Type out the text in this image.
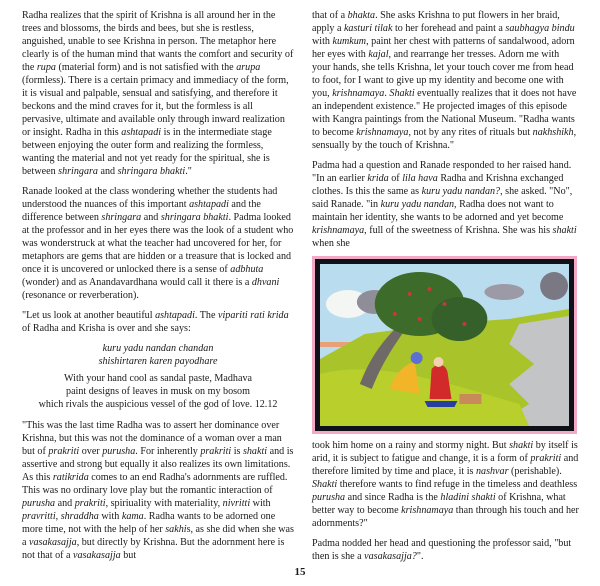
Radha realizes that the spirit of Krishna is all around her in the trees and blossoms, the birds and bees, but she is restless, anguished, unable to see Krishna in person. The metaphor here clearly is of the human mind that wants the comfort and security of the rupa (material form) and is not satisfied with the arupa (formless). There is a certain primacy and immediacy of the form, it is visual and palpable, sensual and satisfying, and therefore it beckons and the mind craves for it, but the formless is all pervasive, ultimate and available only through inward realization or insight. Radha in this ashtapadi is in the intermediate stage between enjoying the outer form and realizing the formless, wanting the material and not yet ready for the spiritual, she is between shringara and shringara bhakti."

Ranade looked at the class wondering whether the students had understood the nuances of this important ashtapadi and the difference between shringara and shringara bhakti. Padma looked at the professor and in her eyes there was the look of a student who was wonderstruck at what the teacher had uncovered for her, for metaphors are gems that are hidden or a treasure that is locked and once it is uncovered or unlocked there is a sense of adbhuta (wonder) and as Anandavardhana would call it there is a dhvani (resonance or reverberation).

"Let us look at another beautiful ashtapadi. The vipariti rati krida of Radha and Krisha is over and she says:

kuru yadu nandan chandan
shishirtaren karen payodhare
With your hand cool as sandal paste, Madhava
paint designs of leaves in musk on my bosom
which rivals the auspicious vessel of the god of love. 12.12

"This was the last time Radha was to assert her dominance over Krishna, but this was not the dominance of a woman over a man but of prakriti over purusha. For inherently prakriti is shakti and is assertive and strong but equally it also realizes its own limitations. As this ratikrida comes to an end Radha's adornments are ruffled. This was no ordinary love play but the romantic interaction of purusha and prakriti, spiriuality with materiality, nivritti with pravritti, shraddha with kama. Radha wants to be adorned one more time, not with the help of her sakhis, as she did when she was a vasakasajja, but directly by Krishna. But the adornment here is not that of a vasakasajja but

that of a bhakta. She asks Krishna to put flowers in her braid, apply a kasturi tilak to her forehead and paint a saubhagya bindu with kumkum, paint her chest with patterns of sandalwood, adorn her eyes with kajal, and rearrange her tresses. Adorn me with your hands, she tells Krishna, let your touch cover me from head to foot, for I want to give up my identity and become one with you, krishnamaya. Shakti eventually realizes that it does not have an independent existence." He projected images of this episode with Kangra paintings from the National Museum. "Radha wants to become krishnamaya, not by any rites of rituals but nakhshikh, sensually by the touch of Krishna."

Padma had a question and Ranade responded to her raised hand. "In an earlier krida of lila hava Radha and Krishna exchanged clothes. Is this the same as kuru yadu nandan?, she asked. "No", said Ranade. "in kuru yadu nandan, Radha does not want to maintain her identity, she wants to be adorned and yet become krishnamaya, full of the sweetness of Krishna. She was his shakti when she

took him home on a rainy and stormy night. But shakti by itself is arid, it is subject to fatigue and change, it is a form of prakriti and therefore limited by time and place, it is nashvar (perishable). Shakti therefore wants to find refuge in the timeless and deathless purusha and since Radha is the hladini shakti of Krishna, what better way to become krishnamaya than through his touch and her adornments?"

Padma nodded her head and questioning the professor said, "but then is she a vasakasajja?".

15
